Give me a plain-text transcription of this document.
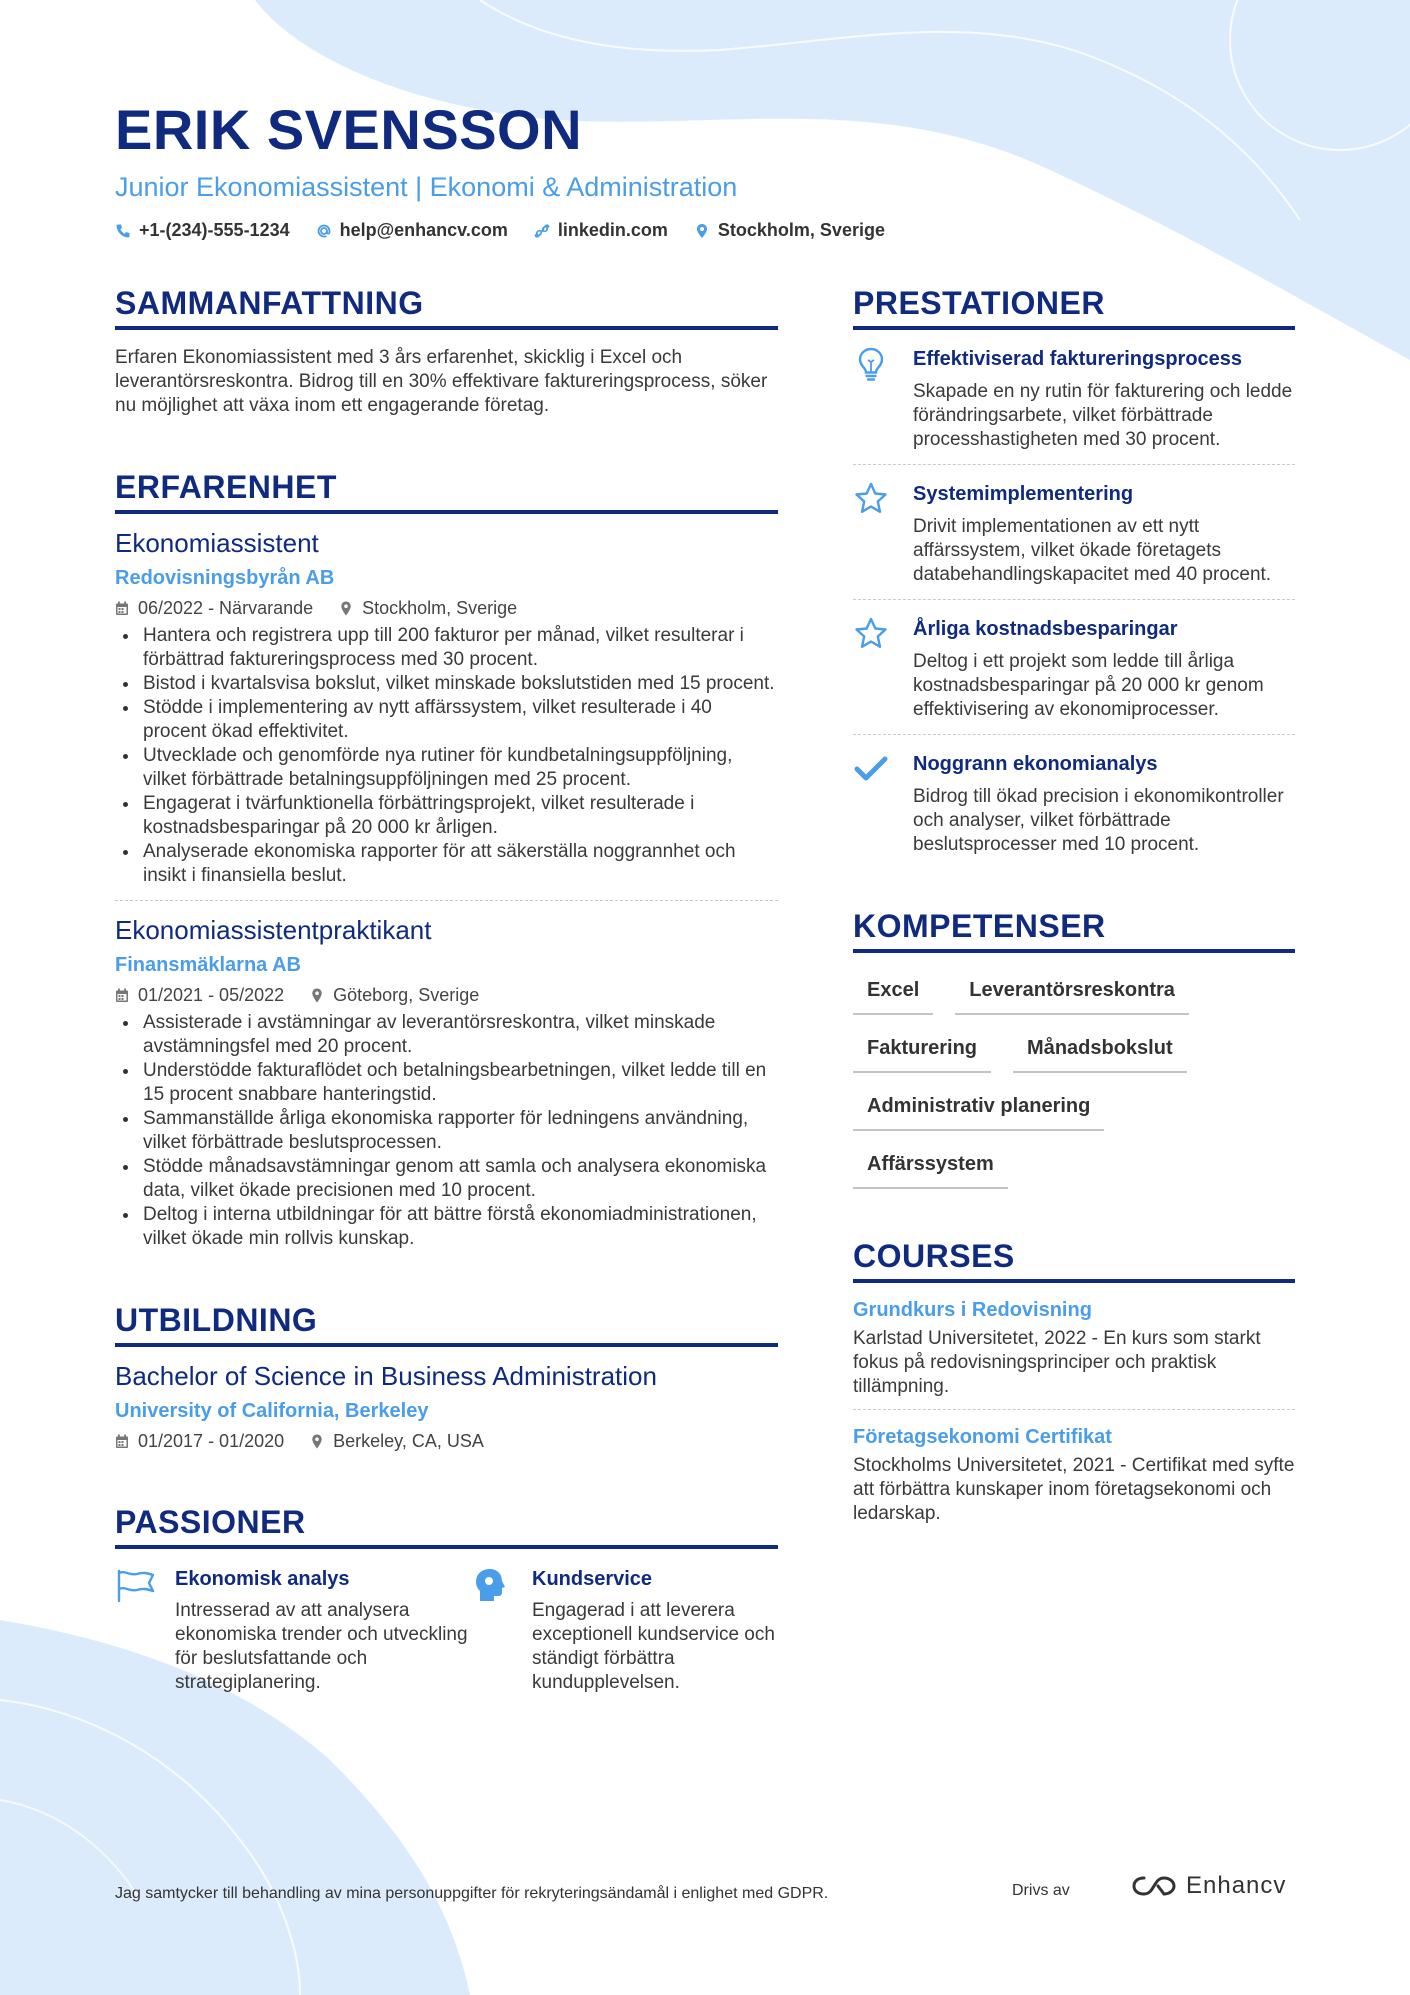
ERIK SVENSSON
Junior Ekonomiassistent | Ekonomi & Administration
+1-(234)-555-1234	help@enhancv.com	linkedin.com	Stockholm, Sverige
SAMMANFATTNING
Erfaren Ekonomiassistent med 3 års erfarenhet, skicklig i Excel och leverantörsreskontra. Bidrog till en 30% effektivare faktureringsprocess, söker nu möjlighet att växa inom ett engagerande företag.
ERFARENHET
Ekonomiassistent
Redovisningsbyrån AB
06/2022 - Närvarande	Stockholm, Sverige
Hantera och registrera upp till 200 fakturor per månad, vilket resulterar i förbättrad faktureringsprocess med 30 procent.
Bistod i kvartalsvisa bokslut, vilket minskade bokslutstiden med 15 procent.
Stödde i implementering av nytt affärssystem, vilket resulterade i 40 procent ökad effektivitet.
Utvecklade och genomförde nya rutiner för kundbetalningsuppföljning, vilket förbättrade betalningsuppföljningen med 25 procent.
Engagerat i tvärfunktionella förbättringsprojekt, vilket resulterade i kostnadsbesparingar på 20 000 kr årligen.
Analyserade ekonomiska rapporter för att säkerställa noggrannhet och insikt i finansiella beslut.
Ekonomiassistentpraktikant
Finansmäklarna AB
01/2021 - 05/2022	Göteborg, Sverige
Assisterade i avstämningar av leverantörsreskontra, vilket minskade avstämningsfel med 20 procent.
Understödde fakturaflödet och betalningsbearbetningen, vilket ledde till en 15 procent snabbare hanteringstid.
Sammanställde årliga ekonomiska rapporter för ledningens användning, vilket förbättrade beslutsprocessen.
Stödde månadsavstämningar genom att samla och analysera ekonomiska data, vilket ökade precisionen med 10 procent.
Deltog i interna utbildningar för att bättre förstå ekonomiadministrationen, vilket ökade min rollvis kunskap.
UTBILDNING
Bachelor of Science in Business Administration
University of California, Berkeley
01/2017 - 01/2020	Berkeley, CA, USA
PASSIONER
Ekonomisk analys
Intresserad av att analysera ekonomiska trender och utveckling för beslutsfattande och strategiplanering.
Kundservice
Engagerad i att leverera exceptionell kundservice och ständigt förbättra kundupplevelsen.
PRESTATIONER
Effektiviserad faktureringsprocess
Skapade en ny rutin för fakturering och ledde förändringsarbete, vilket förbättrade processhastigheten med 30 procent.
Systemimplementering
Drivit implementationen av ett nytt affärssystem, vilket ökade företagets databehandlingskapacitet med 40 procent.
Årliga kostnadsbesparingar
Deltog i ett projekt som ledde till årliga kostnadsbesparingar på 20 000 kr genom effektivisering av ekonomiprocesser.
Noggrann ekonomianalys
Bidrog till ökad precision i ekonomikontroller och analyser, vilket förbättrade beslutsprocesser med 10 procent.
KOMPETENSER
Excel	Leverantörsreskontra
Fakturering	Månadsbokslut
Administrativ planering
Affärssystem
COURSES
Grundkurs i Redovisning
Karlstad Universitetet, 2022 - En kurs som starkt fokus på redovisningsprinciper och praktisk tillämpning.
Företagsekonomi Certifikat
Stockholms Universitetet, 2021 - Certifikat med syfte att förbättra kunskaper inom företagsekonomi och ledarskap.
Jag samtycker till behandling av mina personuppgifter för rekryteringsändamål i enlighet med GDPR.	Drivs av	Enhancv
